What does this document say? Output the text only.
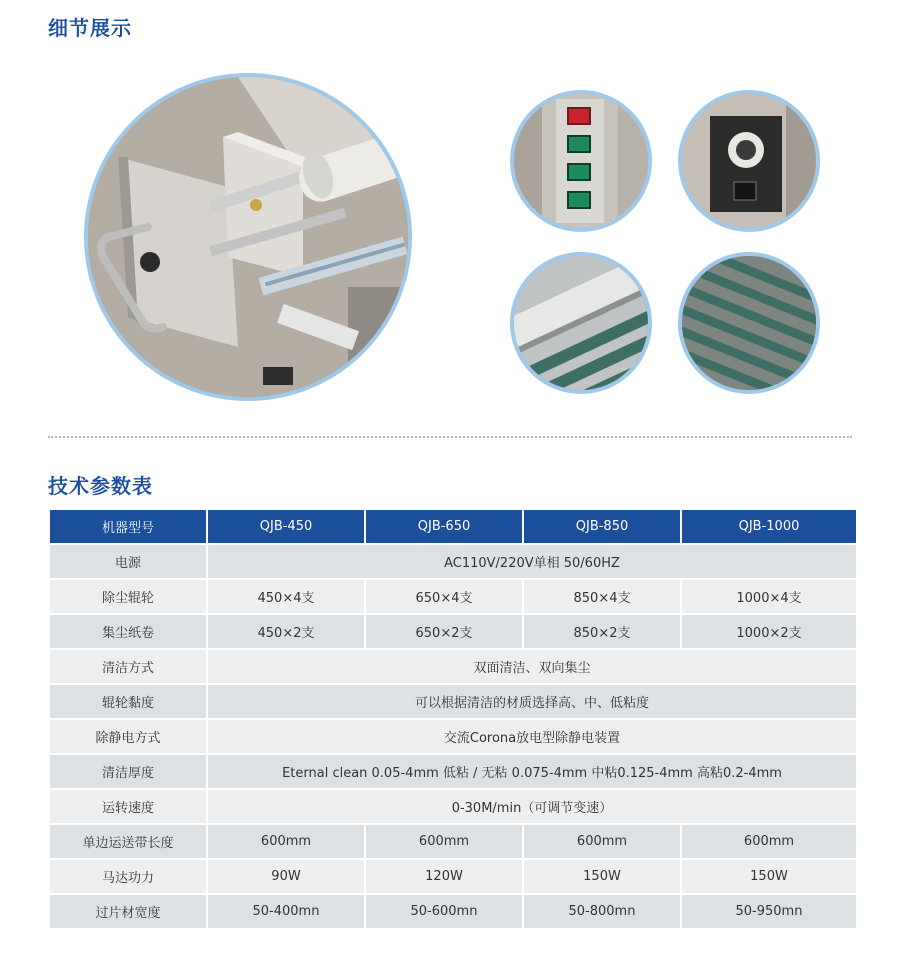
细节展示
技术参数表
机器型号	QJB-450	QJB-650	QJB-850	QJB-1000
电源	AC110V/220V单相 50/60HZ			
除尘辊轮	450×4支	650×4支	850×4支	1000×4支
集尘纸卷	450×2支	650×2支	850×2支	1000×2支
清洁方式	双面清洁、双向集尘			
辊轮黏度	可以根据清洁的材质选择高、中、低粘度			
除静电方式	交流Corona放电型除静电装置			
清洁厚度	Eternal clean 0.05-4mm 低粘 / 无粘 0.075-4mm 中粘0.125-4mm 高粘0.2-4mm			
运转速度	0-30M/min（可调节变速）			
单边运送带长度	600mm	600mm	600mm	600mm
马达功力	90W	120W	150W	150W
过片材宽度	50-400mn	50-600mn	50-800mn	50-950mn
